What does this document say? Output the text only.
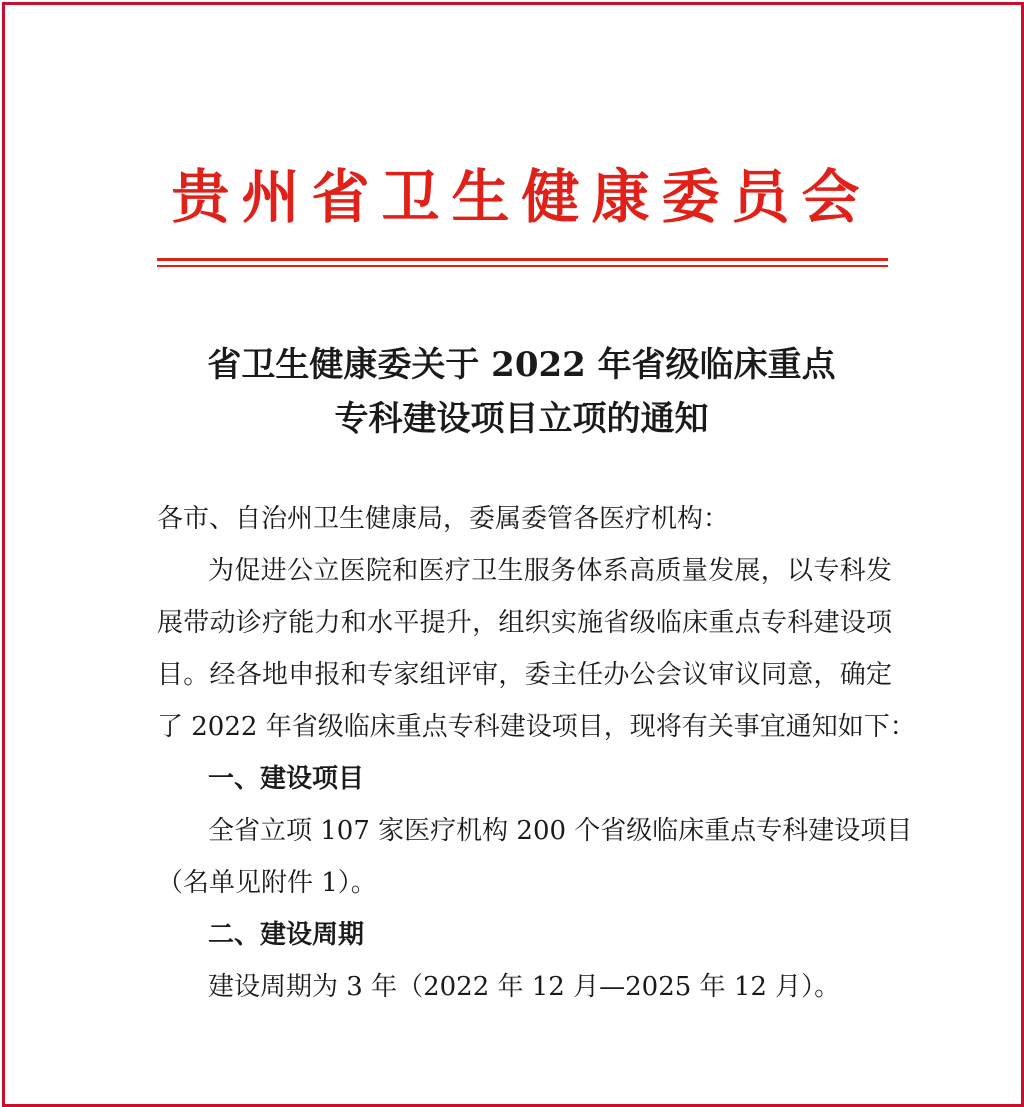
贵州省卫生健康委员会
省卫生健康委关于 2022 年省级临床重点
专科建设项目立项的通知
各市、自治州卫生健康局，委属委管各医疗机构：
为促进公立医院和医疗卫生服务体系高质量发展，以专科发
展带动诊疗能力和水平提升，组织实施省级临床重点专科建设项
目。经各地申报和专家组评审，委主任办公会议审议同意，确定
了 2022 年省级临床重点专科建设项目，现将有关事宜通知如下：
一、建设项目
全省立项 107 家医疗机构 200 个省级临床重点专科建设项目
（名单见附件 1）。
二、建设周期
建设周期为 3 年（2022 年 12 月—2025 年 12 月）。
